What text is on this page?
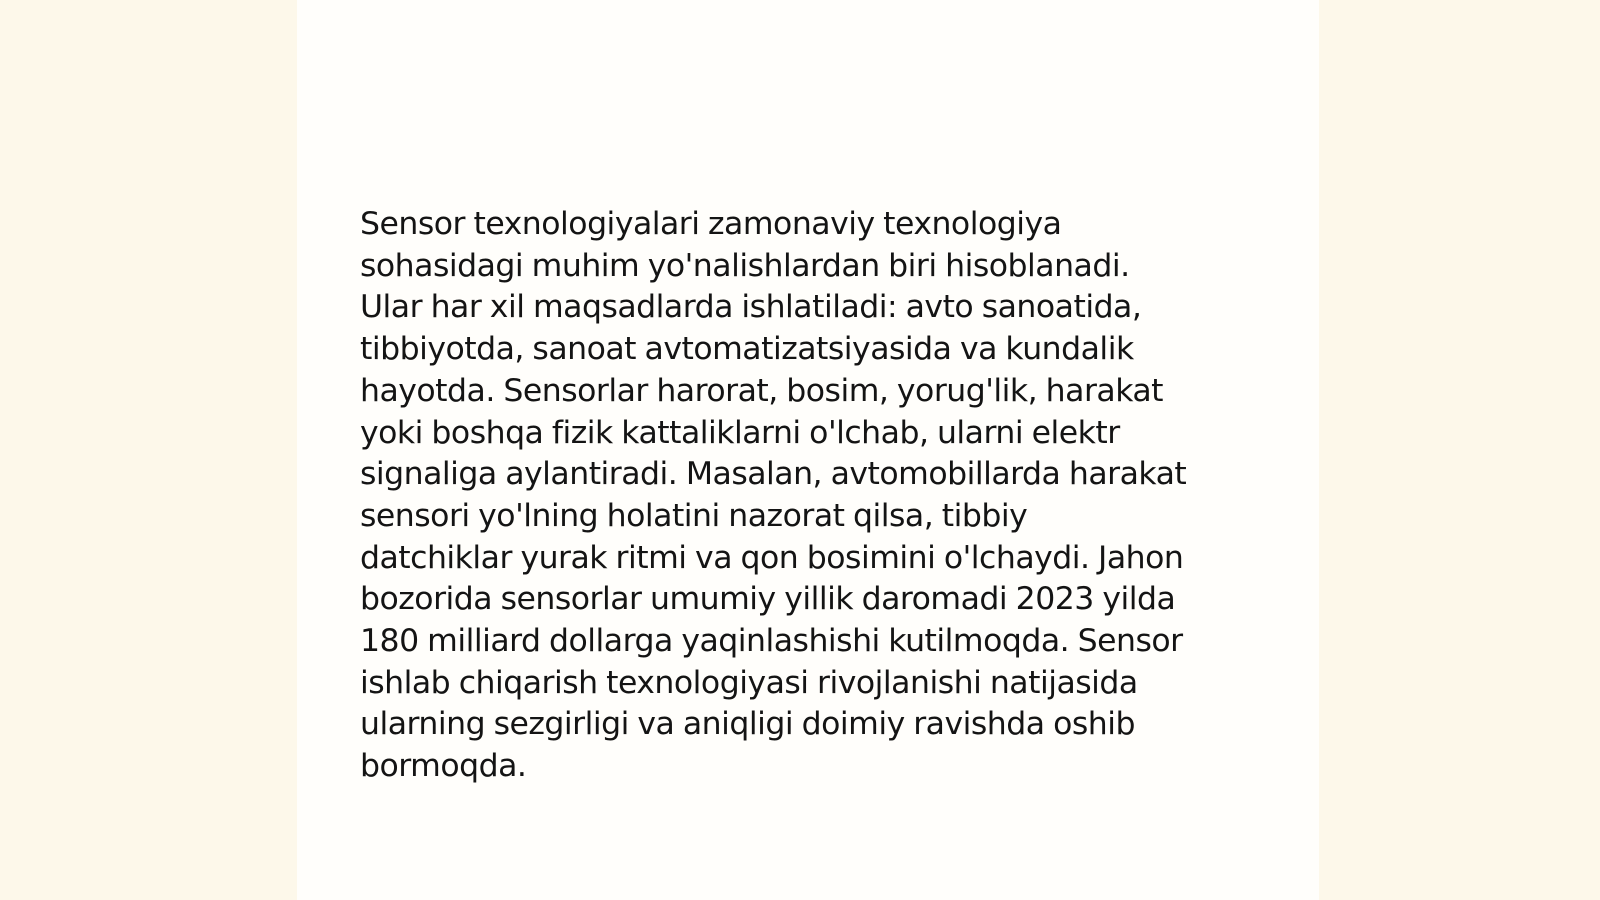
Sensor texnologiyalari zamonaviy texnologiya
sohasidagi muhim yo'nalishlardan biri hisoblanadi.
Ular har xil maqsadlarda ishlatiladi: avto sanoatida,
tibbiyotda, sanoat avtomatizatsiyasida va kundalik
hayotda. Sensorlar harorat, bosim, yorug'lik, harakat
yoki boshqa fizik kattaliklarni o'lchab, ularni elektr
signaliga aylantiradi. Masalan, avtomobillarda harakat
sensori yo'lning holatini nazorat qilsa, tibbiy
datchiklar yurak ritmi va qon bosimini o'lchaydi. Jahon
bozorida sensorlar umumiy yillik daromadi 2023 yilda
180 milliard dollarga yaqinlashishi kutilmoqda. Sensor
ishlab chiqarish texnologiyasi rivojlanishi natijasida
ularning sezgirligi va aniqligi doimiy ravishda oshib
bormoqda.
